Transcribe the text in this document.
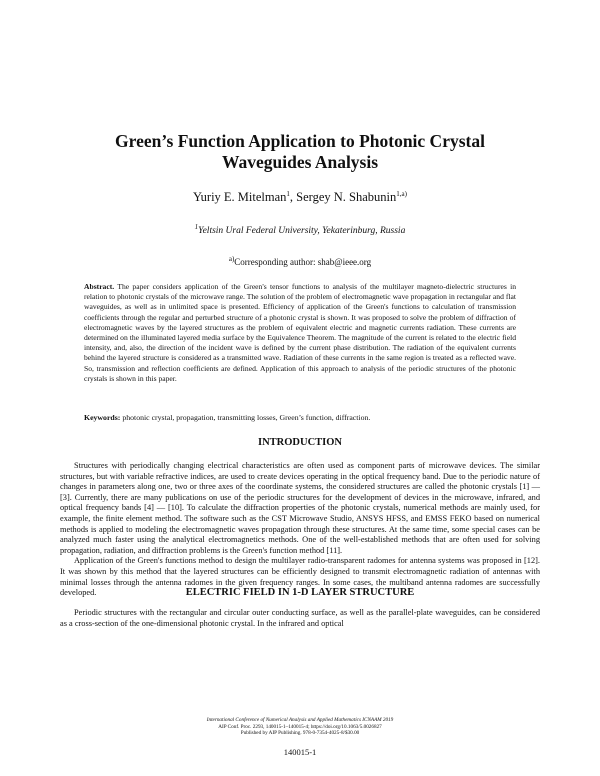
Green’s Function Application to Photonic Crystal
Waveguides Analysis
Yuriy E. Mitelman$^1$, Sergey N. Shabunin$^{1,a)}$
$^1$Yeltsin Ural Federal University, Yekaterinburg, Russia
$^{a)}$Corresponding author: shab@ieee.org

Abstract. The paper considers application of the Green's tensor functions to analysis of the multilayer magneto-dielectric structures in relation to photonic crystals of the microwave range. The solution of the problem of electromagnetic wave propagation in rectangular and flat waveguides, as well as in unlimited space is presented. Efficiency of application of the Green's functions to calculation of transmission coefficients through the regular and perturbed structure of a photonic crystal is shown. It was proposed to solve the problem of diffraction of electromagnetic waves by the layered structures as the problem of equivalent electric and magnetic currents radiation. These currents are determined on the illuminated layered media surface by the Equivalence Theorem. The magnitude of the current is related to the electric field intensity, and, also, the direction of the incident wave is defined by the current phase distribution. The radiation of the equivalent currents behind the layered structure is considered as a transmitted wave. Radiation of these currents in the same region is treated as a reflected wave. So, transmission and reflection coefficients are defined. Application of this approach to analysis of the periodic structures of the photonic crystals is shown in this paper.

Keywords: photonic crystal, propagation, transmitting losses, Green’s function, diffraction.

INTRODUCTION

Structures with periodically changing electrical characteristics are often used as component parts of microwave devices. The similar structures, but with variable refractive indices, are used to create devices operating in the optical frequency band. Due to the periodic nature of changes in parameters along one, two or three axes of the coordinate systems, the considered structures are called the photonic crystals [1] — [3]. Currently, there are many publications on use of the periodic structures for the development of devices in the microwave, infrared, and optical frequency bands [4] — [10]. To calculate the diffraction properties of the photonic crystals, numerical methods are mainly used, for example, the finite element method. The software such as the CST Microwave Studio, ANSYS HFSS, and EMSS FEKO based on numerical methods is applied to modeling the electromagnetic waves propagation through these structures. At the same time, some special cases can be analyzed much faster using the analytical electromagnetics methods. One of the well-established methods that are often used for solving propagation, radiation, and diffraction problems is the Green's function method [11].

Application of the Green's functions method to design the multilayer radio-transparent radomes for antenna systems was proposed in [12]. It was shown by this method that the layered structures can be efficiently designed to transmit electromagnetic radiation of antennas with minimal losses through the antenna radomes in the given frequency ranges. In some cases, the multiband antenna radomes are successfully developed.	ELECTRIC FIELD IN 1-D LAYER STRUCTURE

Periodic structures with the rectangular and circular outer conducting surface, as well as the parallel-plate waveguides, can be considered as a cross-section of the one-dimensional photonic crystal. In the infrared and optical

International Conference of Numerical Analysis and Applied Mathematics ICNAAM 2019
AIP Conf. Proc. 2293, 140015-1–140015-4; https://doi.org/10.1063/5.0026827
Published by AIP Publishing. 978-0-7354-4025-8/$30.00
140015-1
